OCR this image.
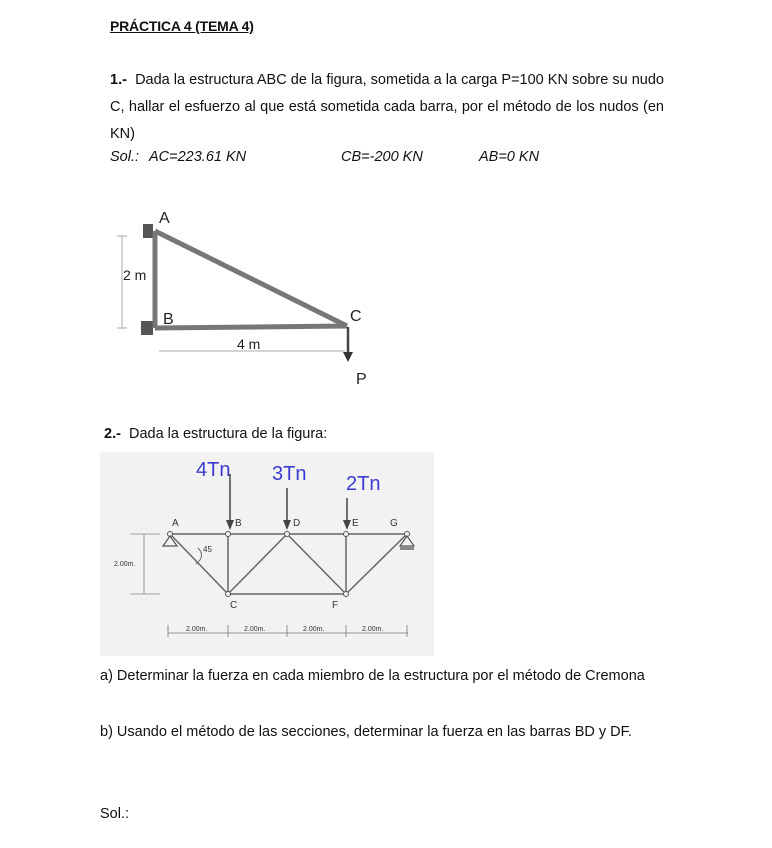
PRÁCTICA 4 (TEMA 4)
1.- Dada la estructura ABC de la figura, sometida a la carga P=100 KN sobre su nudo C, hallar el esfuerzo al que está sometida cada barra, por el método de los nudos (en KN)
Sol.: AC=223.61 KN	CB=-200 KN	AB=0 KN
A
B	C
P
2 m
4 m
2.- Dada la estructura de la figura:
4Tn 3Tn 2Tn
A	B	D	E	G
C	F
45
2.00m.
2.00m.	2.00m.	2.00m.	2.00m.
a) Determinar la fuerza en cada miembro de la estructura por el método de Cremona
b) Usando el método de las secciones, determinar la fuerza en las barras BD y DF.
Sol.:
